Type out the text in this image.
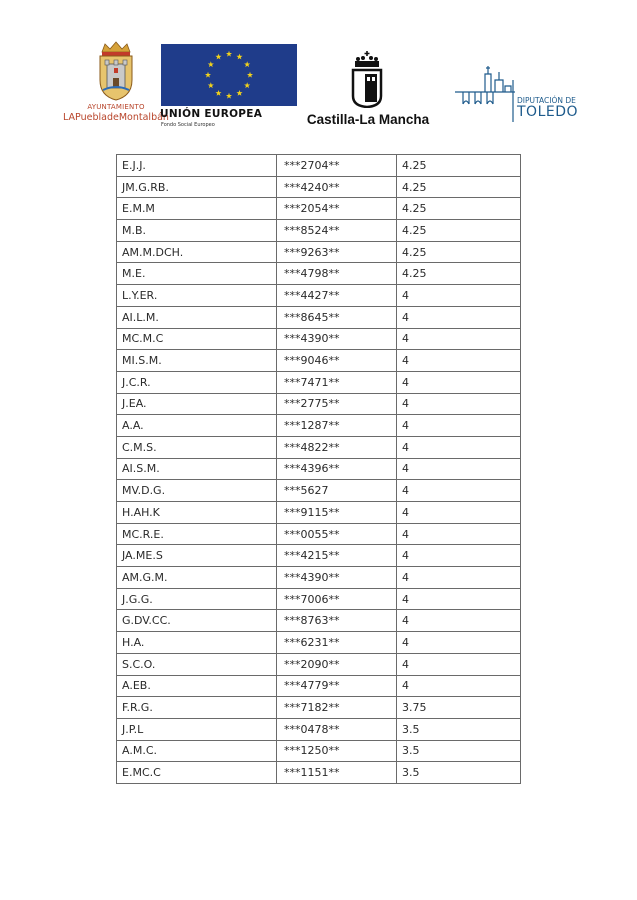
AYUNTAMIENTO
LAPuebladeMontalbán
UNIÓN EUROPEA
Fondo Social Europeo	Castilla-La Mancha
DIPUTACIÓN DE
TOLEDO
E.J.J.	***2704**	4.25
JM.G.RB.	***4240**	4.25
E.M.M	***2054**	4.25
M.B.	***8524**	4.25
AM.M.DCH.	***9263**	4.25
M.E.	***4798**	4.25
L.Y.ER.	***4427**	4
AI.L.M.	***8645**	4
MC.M.C	***4390**	4
MI.S.M.	***9046**	4
J.C.R.	***7471**	4
J.EA.	***2775**	4
A.A.	***1287**	4
C.M.S.	***4822**	4
AI.S.M.	***4396**	4
MV.D.G.	***5627	4
H.AH.K	***9115**	4
MC.R.E.	***0055**	4
JA.ME.S	***4215**	4
AM.G.M.	***4390**	4
J.G.G.	***7006**	4
G.DV.CC.	***8763**	4
H.A.	***6231**	4
S.C.O.	***2090**	4
A.EB.	***4779**	4
F.R.G.	***7182**	3.75
J.P.L	***0478**	3.5
A.M.C.	***1250**	3.5
E.MC.C	***1151**	3.5
